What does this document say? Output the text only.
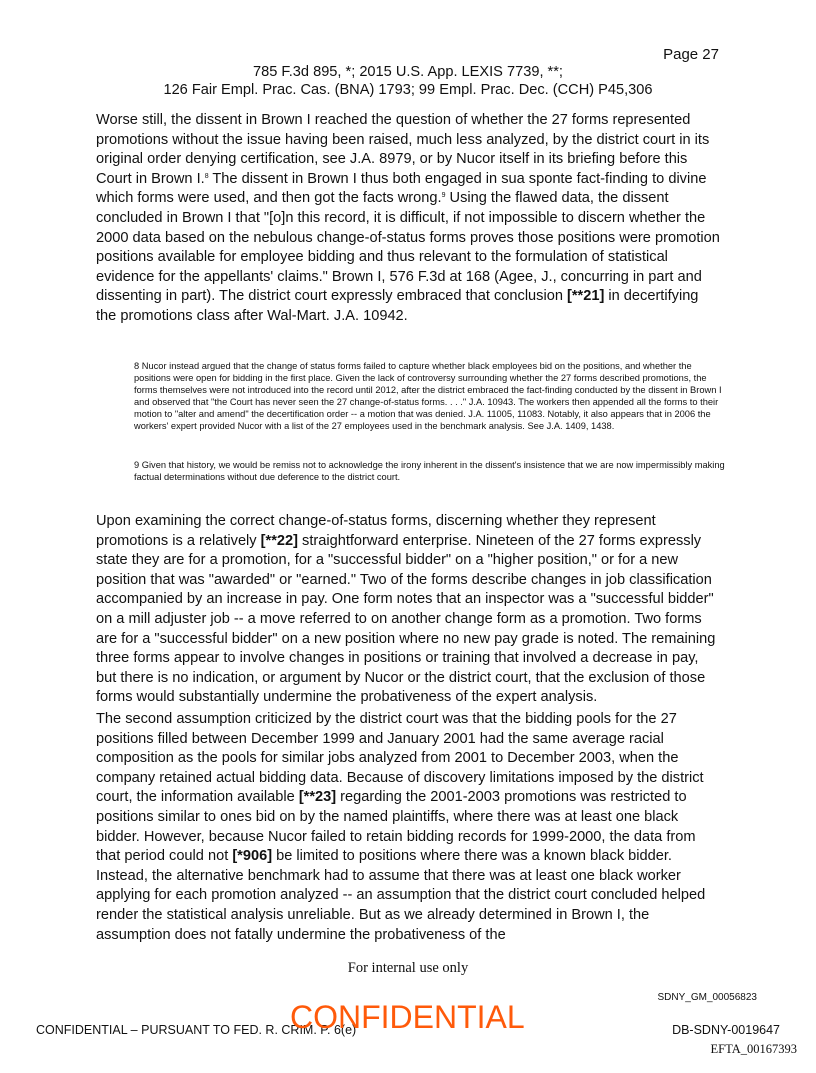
Page 27
785 F.3d 895, *; 2015 U.S. App. LEXIS 7739, **;
126 Fair Empl. Prac. Cas. (BNA) 1793; 99 Empl. Prac. Dec. (CCH) P45,306

Worse still, the dissent in Brown I reached the question of whether the 27 forms represented promotions without the issue having been raised, much less analyzed, by the district court in its original order denying certification, see J.A. 8979, or by Nucor itself in its briefing before this Court in Brown I.$^8$ The dissent in Brown I thus both engaged in sua sponte fact-finding to divine which forms were used, and then got the facts wrong.$^9$ Using the flawed data, the dissent concluded in Brown I that "[o]n this record, it is difficult, if not impossible to discern whether the 2000 data based on the nebulous change-of-status forms proves those positions were promotion positions available for employee bidding and thus relevant to the formulation of statistical evidence for the appellants' claims." Brown I, 576 F.3d at 168 (Agee, J., concurring in part and dissenting in part). The district court expressly embraced that conclusion [**21] in decertifying the promotions class after Wal-Mart. J.A. 10942.

8 Nucor instead argued that the change of status forms failed to capture whether black employees bid on the positions, and whether the positions were open for bidding in the first place. Given the lack of controversy surrounding whether the 27 forms described promotions, the forms themselves were not introduced into the record until 2012, after the district embraced the fact-finding conducted by the dissent in Brown I and observed that "the Court has never seen the 27 change-of-status forms. . . ." J.A. 10943. The workers then appended all the forms to their motion to "alter and amend" the decertification order -- a motion that was denied. J.A. 11005, 11083. Notably, it also appears that in 2006 the workers' expert provided Nucor with a list of the 27 employees used in the benchmark analysis. See J.A. 1409, 1438.

9 Given that history, we would be remiss not to acknowledge the irony inherent in the dissent's insistence that we are now impermissibly making factual determinations without due deference to the district court.

Upon examining the correct change-of-status forms, discerning whether they represent promotions is a relatively [**22] straightforward enterprise. Nineteen of the 27 forms expressly state they are for a promotion, for a "successful bidder" on a "higher position," or for a new position that was "awarded" or "earned." Two of the forms describe changes in job classification accompanied by an increase in pay. One form notes that an inspector was a "successful bidder" on a mill adjuster job -- a move referred to on another change form as a promotion. Two forms are for a "successful bidder" on a new position where no new pay grade is noted. The remaining three forms appear to involve changes in positions or training that involved a decrease in pay, but there is no indication, or argument by Nucor or the district court, that the exclusion of those forms would substantially undermine the probativeness of the expert analysis.

The second assumption criticized by the district court was that the bidding pools for the 27 positions filled between December 1999 and January 2001 had the same average racial composition as the pools for similar jobs analyzed from 2001 to December 2003, when the company retained actual bidding data. Because of discovery limitations imposed by the district court, the information available [**23] regarding the 2001-2003 promotions was restricted to positions similar to ones bid on by the named plaintiffs, where there was at least one black bidder. However, because Nucor failed to retain bidding records for 1999-2000, the data from that period could not [*906] be limited to positions where there was a known black bidder. Instead, the alternative benchmark had to assume that there was at least one black worker applying for each promotion analyzed -- an assumption that the district court concluded helped render the statistical analysis unreliable. But as we already determined in Brown I, the assumption does not fatally undermine the probativeness of the

For internal use only
SDNY_GM_00056823
CONFIDENTIAL – PURSUANT TO FED. R. CRIM. P. 6(e)
CONFIDENTIAL	DB-SDNY-0019647
EFTA_00167393
